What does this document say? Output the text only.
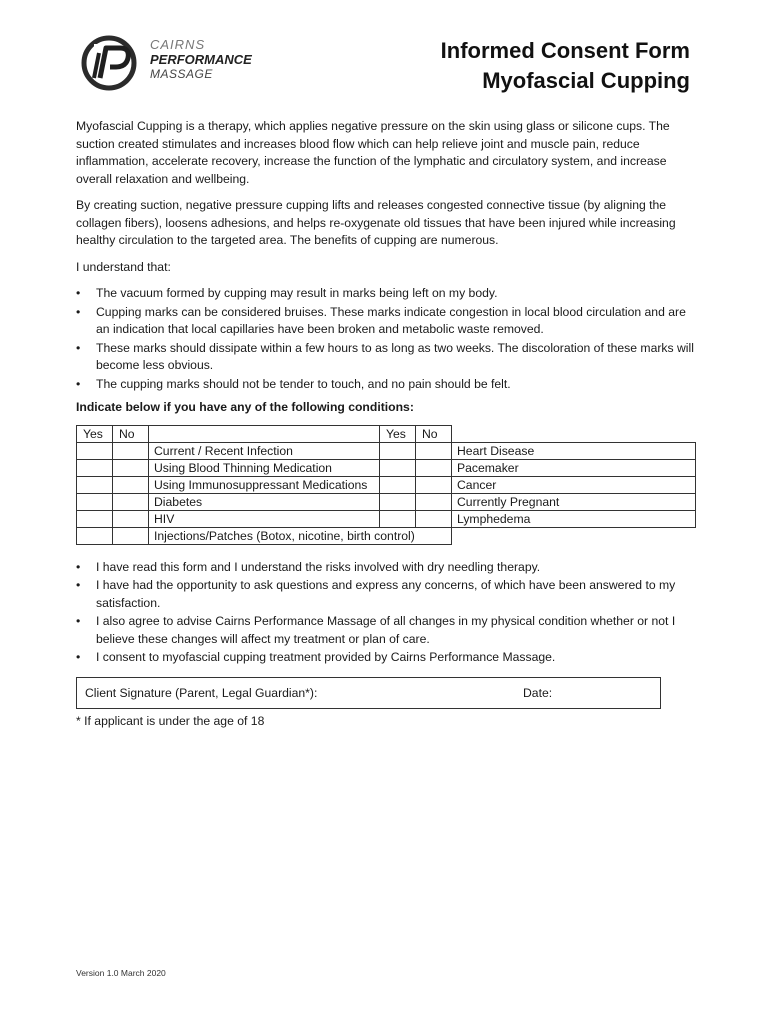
CAIRNS
PERFORMANCE
MASSAGE
Informed Consent Form
Myofascial Cupping

Myofascial Cupping is a therapy, which applies negative pressure on the skin using glass or silicone cups. The suction created stimulates and increases blood flow which can help relieve joint and muscle pain, reduce inflammation, accelerate recovery, increase the function of the lymphatic and circulatory system, and increase overall relaxation and wellbeing.

By creating suction, negative pressure cupping lifts and releases congested connective tissue (by aligning the collagen fibers), loosens adhesions, and helps re-oxygenate old tissues that have been injured while increasing healthy circulation to the targeted area. The benefits of cupping are numerous.

I understand that:

• The vacuum formed by cupping may result in marks being left on my body.
• Cupping marks can be considered bruises. These marks indicate congestion in local blood circulation and are an indication that local capillaries have been broken and metabolic waste removed.
• These marks should dissipate within a few hours to as long as two weeks. The discoloration of these marks will become less obvious.
• The cupping marks should not be tender to touch, and no pain should be felt.
Indicate below if you have any of the following conditions:
Yes	No		Yes	No	
		Current / Recent Infection			Heart Disease
		Using Blood Thinning Medication			Pacemaker
		Using Immunosuppressant Medications			Cancer
		Diabetes			Currently Pregnant
		HIV			Lymphedema
		Injections/Patches (Botox, nicotine, birth control)			
• I have read this form and I understand the risks involved with dry needling therapy.
• I have had the opportunity to ask questions and express any concerns, of which have been answered to my satisfaction.
• I also agree to advise Cairns Performance Massage of all changes in my physical condition whether or not I believe these changes will affect my treatment or plan of care.
• I consent to myofascial cupping treatment provided by Cairns Performance Massage.
Client Signature (Parent, Legal Guardian*):	Date:
* If applicant is under the age of 18
Version 1.0 March 2020
